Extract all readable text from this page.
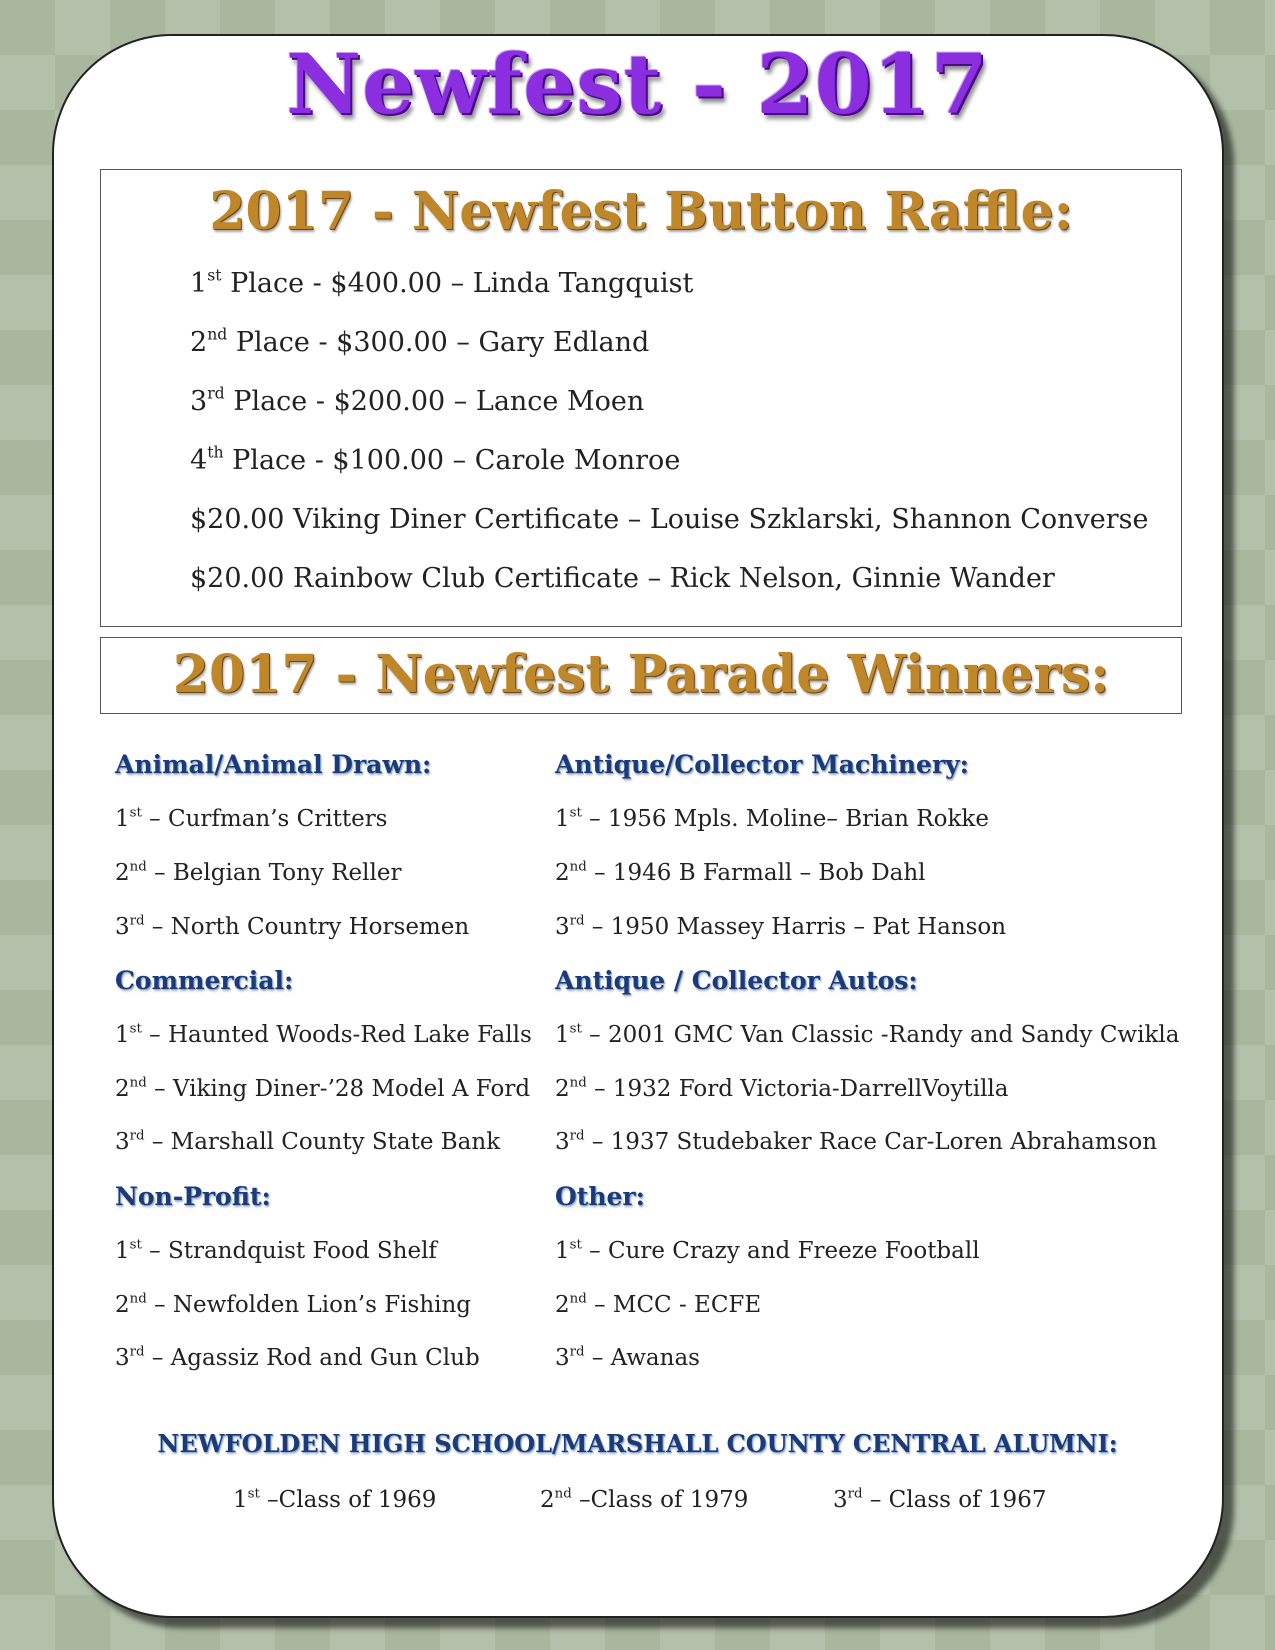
Newfest - 2017
2017 - Newfest Button Raffle:
1st Place - $400.00 – Linda Tangquist
2nd Place - $300.00 – Gary Edland
3rd Place - $200.00 – Lance Moen
4th Place - $100.00 – Carole Monroe
$20.00 Viking Diner Certificate – Louise Szklarski, Shannon Converse
$20.00 Rainbow Club Certificate – Rick Nelson, Ginnie Wander
2017 - Newfest Parade Winners:
Animal/Animal Drawn:
1st – Curfman’s Critters
2nd – Belgian Tony Reller
3rd – North Country Horsemen
Commercial:
1st – Haunted Woods-Red Lake Falls
2nd – Viking Diner-’28 Model A Ford
3rd – Marshall County State Bank
Non-Profit:
1st – Strandquist Food Shelf
2nd – Newfolden Lion’s Fishing
3rd – Agassiz Rod and Gun Club
Antique/Collector Machinery:
1st – 1956 Mpls. Moline– Brian Rokke
2nd – 1946 B Farmall – Bob Dahl
3rd – 1950 Massey Harris – Pat Hanson
Antique / Collector Autos:
1st – 2001 GMC Van Classic -Randy and Sandy Cwikla
2nd – 1932 Ford Victoria-DarrellVoytilla
3rd – 1937 Studebaker Race Car-Loren Abrahamson
Other:
1st – Cure Crazy and Freeze Football
2nd – MCC - ECFE
3rd – Awanas
NEWFOLDEN HIGH SCHOOL/MARSHALL COUNTY CENTRAL ALUMNI:
1st –Class of 1969	2nd –Class of 1979	3rd – Class of 1967
